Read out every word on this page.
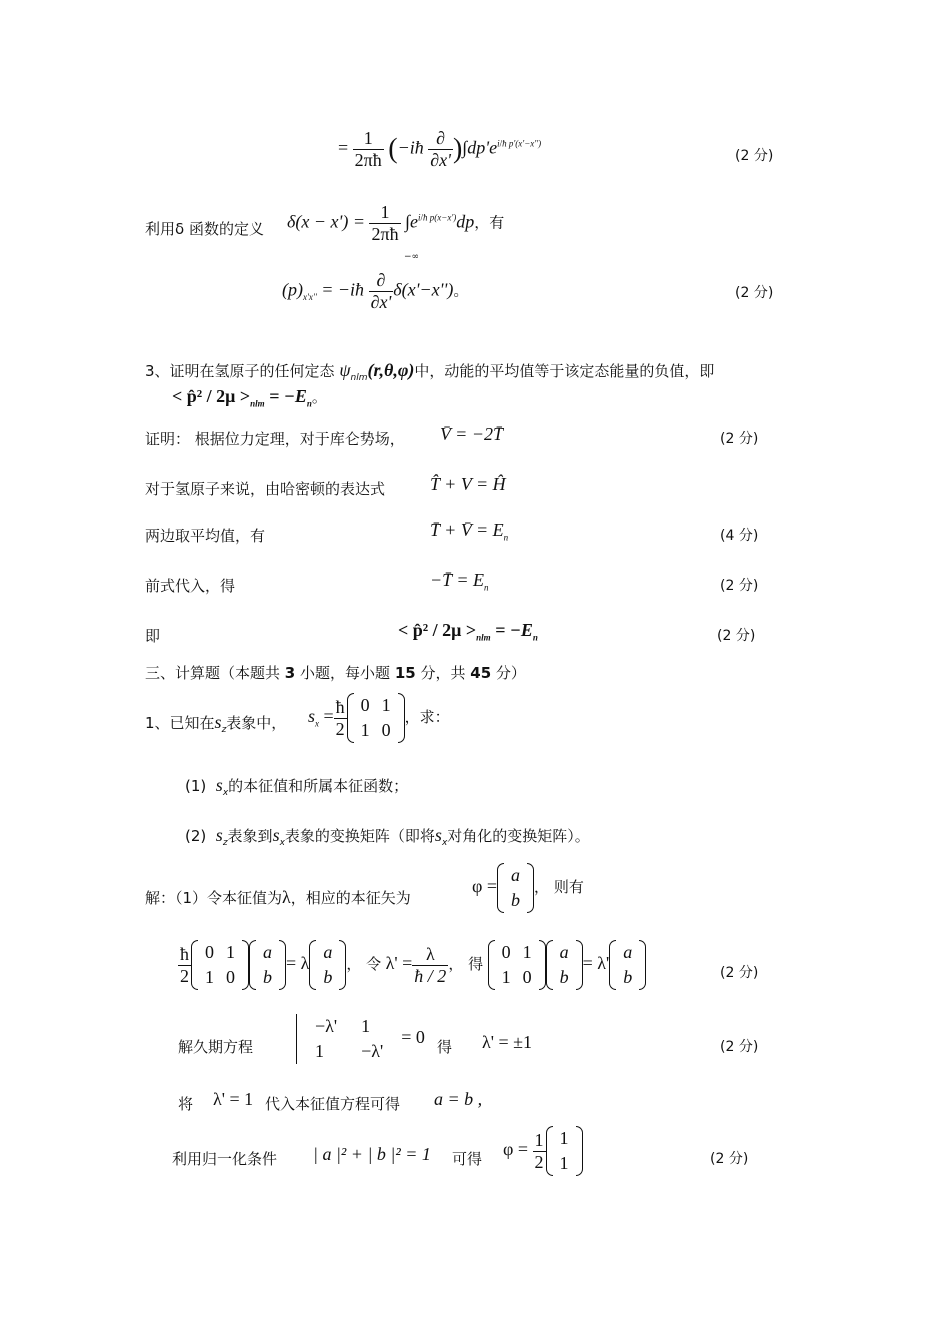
= $\frac{1}{2\pi ħ}$ (−iħ $\frac{\partial}{\partial x'} )\int dp'e^{i/ħ p'(x'-x'')}$
(2 分)
利用δ 函数的定义 $\delta(x - x') = \frac{1}{2\pi ħ} \int e^{i/ħ p(x-x')}dp$，有
−∞
$(p)_{x'x''}$ = −iħ $\frac{\partial}{\partial x'} \delta(x'-x'')$。	(2 分)
3、证明在氢原子的任何定态 $\psi_{nlm}(r,\theta,\varphi)$中，动能的平均值等于该定态能量的负值，即
< p̂² / $2\mu >_{nlm} = -E_n$。
证明： 根据位力定理，对于库仑势场， V̄ = −2T̄	(2 分)
对于氢原子来说，由哈密顿的表达式 T̂ + V = Ĥ
两边取平均值，有	T̄ + V̄ = $E_n$	(4 分)
前式代入，得	−T̄ = $E_n$	(2 分)
即	< p̂² / $2\mu >_{nlm} = -E_n$	(2 分)
三、计算题（本题共 3 小题，每小题 15 分，共 45 分）
1、已知在$s_z$表象中， $s_x = \frac{ħ}{2} 0$	1
1	0
，求：
(1) $s_x$的本征值和所属本征函数；
(2) $s_z$表象到$s_x$表象的变换矩阵（即将$s_x$对角化的变换矩阵）。
解：（1）令本征值为λ，相应的本征矢为
φ =
a
b
， 则有
$\frac{ħ}{2} 0$	1
1	0
a
b
= λ
a
b
， 令 $\lambda' = \frac{\lambda}{ħ / 2}$ ， 得
0	1
1	0
a
b
= λ'
a
b	(2 分)
解久期方程
−λ'	1
1	−λ'
= 0 得 λ' = ±1	(2 分)
将 λ' = 1 代入本征值方程可得 a = b ,
利用归一化条件 | a |² + | b |² = 1 可得 $\varphi = \frac{1}{2} 1$
1	(2 分)
